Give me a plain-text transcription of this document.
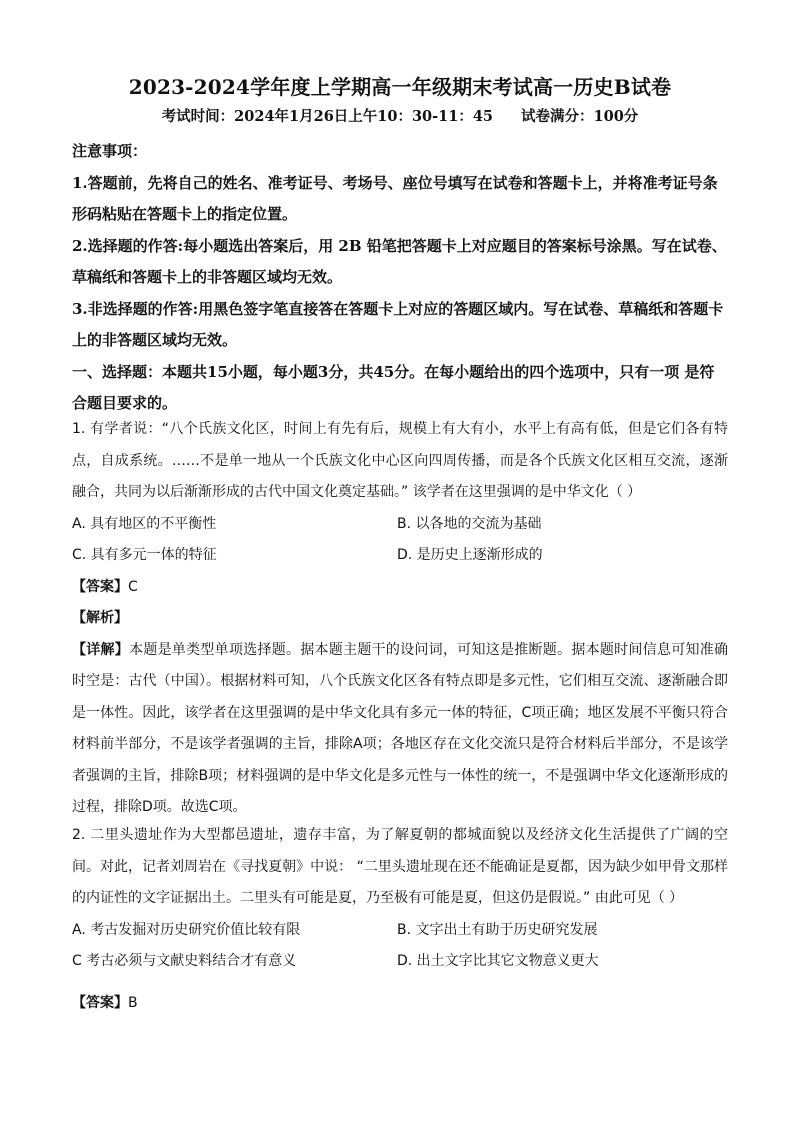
2023-2024学年度上学期高一年级期末考试高一历史B试卷
考试时间：2024年1月26日上午10：30-11：45 试卷满分：100分
注意事项：
1.答题前，先将自己的姓名、准考证号、考场号、座位号填写在试卷和答题卡上，并将准考证号条形码粘贴在答题卡上的指定位置。
2.选择题的作答:每小题选出答案后，用 2B 铅笔把答题卡上对应题目的答案标号涂黑。写在试卷、草稿纸和答题卡上的非答题区域均无效。
3.非选择题的作答:用黑色签字笔直接答在答题卡上对应的答题区域内。写在试卷、草稿纸和答题卡上的非答题区域均无效。
一、选择题：本题共15小题，每小题3分，共45分。在每小题给出的四个选项中，只有一项 是符合题目要求的。
1. 有学者说：“八个氏族文化区，时间上有先有后，规模上有大有小，水平上有高有低，但是它们各有特点，自成系统。……不是单一地从一个氏族文化中心区向四周传播，而是各个氏族文化区相互交流，逐渐融合，共同为以后渐渐形成的古代中国文化奠定基础。” 该学者在这里强调的是中华文化（ ）
A. 具有地区的不平衡性	B. 以各地的交流为基础
C. 具有多元一体的特征	D. 是历史上逐渐形成的
【答案】C
【解析】
【详解】本题是单类型单项选择题。据本题主题干的设问词，可知这是推断题。据本题时间信息可知准确时空是：古代（中国）。根据材料可知，八个氏族文化区各有特点即是多元性，它们相互交流、逐渐融合即是一体性。因此，该学者在这里强调的是中华文化具有多元一体的特征，C项正确；地区发展不平衡只符合材料前半部分，不是该学者强调的主旨，排除A项；各地区存在文化交流只是符合材料后半部分，不是该学者强调的主旨，排除B项；材料强调的是中华文化是多元性与一体性的统一，不是强调中华文化逐渐形成的过程，排除D项。故选C项。
2. 二里头遗址作为大型都邑遗址，遗存丰富，为了解夏朝的都城面貌以及经济文化生活提供了广阔的空间。对此，记者刘周岩在《寻找夏朝》中说： “二里头遗址现在还不能确证是夏都，因为缺少如甲骨文那样的内证性的文字证据出土。二里头有可能是夏，乃至极有可能是夏，但这仍是假说。” 由此可见（ ）
A. 考古发掘对历史研究价值比较有限	B. 文字出土有助于历史研究发展
C 考古必须与文献史料结合才有意义	D. 出土文字比其它文物意义更大
【答案】B
